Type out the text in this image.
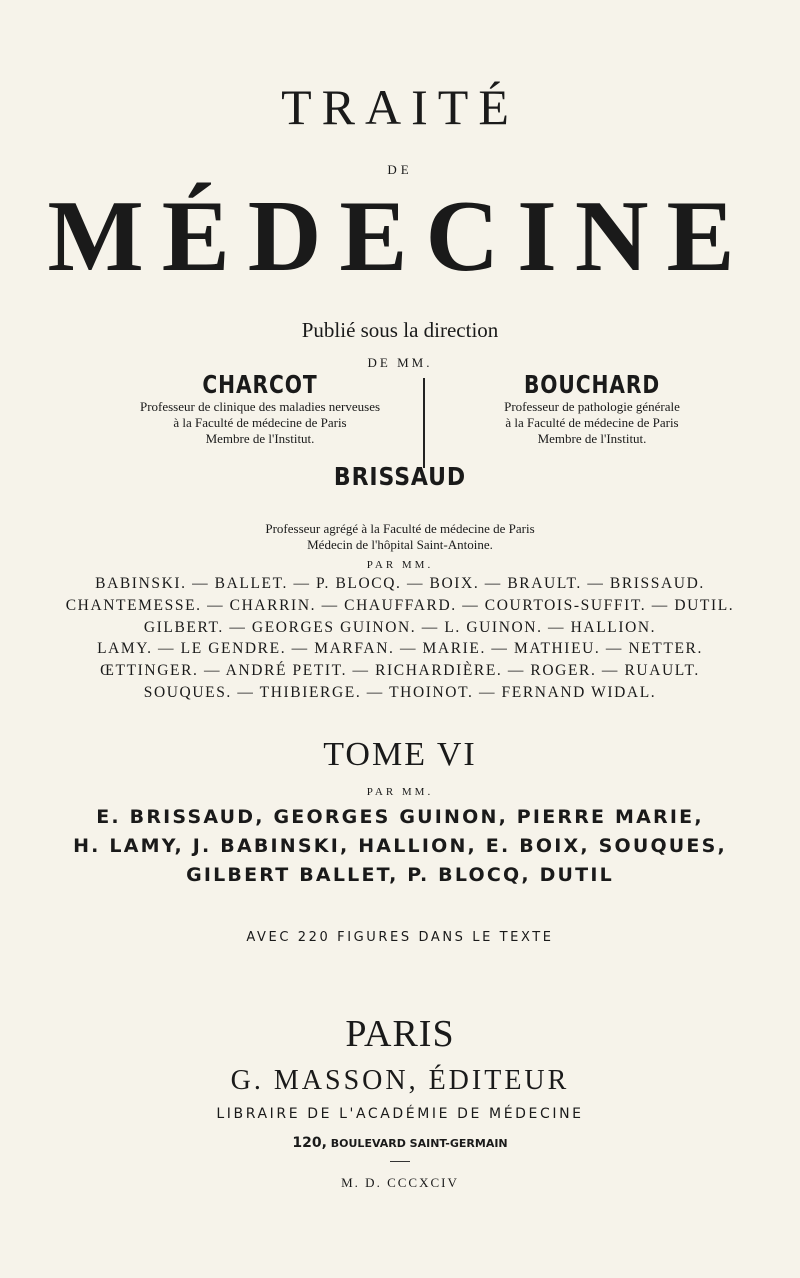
TRAITÉ
DE
MÉDECINE
Publié sous la direction
DE MM.
CHARCOT
Professeur de clinique des maladies nerveuses
à la Faculté de médecine de Paris
Membre de l'Institut.
BOUCHARD
Professeur de pathologie générale
à la Faculté de médecine de Paris
Membre de l'Institut.
BRISSAUD
Professeur agrégé à la Faculté de médecine de Paris
Médecin de l'hôpital Saint-Antoine.
PAR MM.
BABINSKI. — BALLET. — P. BLOCQ. — BOIX. — BRAULT. — BRISSAUD.
CHANTEMESSE. — CHARRIN. — CHAUFFARD. — COURTOIS-SUFFIT. — DUTIL.
GILBERT. — GEORGES GUINON. — L. GUINON. — HALLION.
LAMY. — LE GENDRE. — MARFAN. — MARIE. — MATHIEU. — NETTER.
ŒTTINGER. — ANDRÉ PETIT. — RICHARDIÈRE. — ROGER. — RUAULT.
SOUQUES. — THIBIERGE. — THOINOT. — FERNAND WIDAL.
TOME VI
PAR MM.
E. BRISSAUD, GEORGES GUINON, PIERRE MARIE,
H. LAMY, J. BABINSKI, HALLION, E. BOIX, SOUQUES,
GILBERT BALLET, P. BLOCQ, DUTIL
AVEC 220 FIGURES DANS LE TEXTE
PARIS
G. MASSON, ÉDITEUR
LIBRAIRE DE L'ACADÉMIE DE MÉDECINE
120, BOULEVARD SAINT-GERMAIN
M. D. CCCXCIV
